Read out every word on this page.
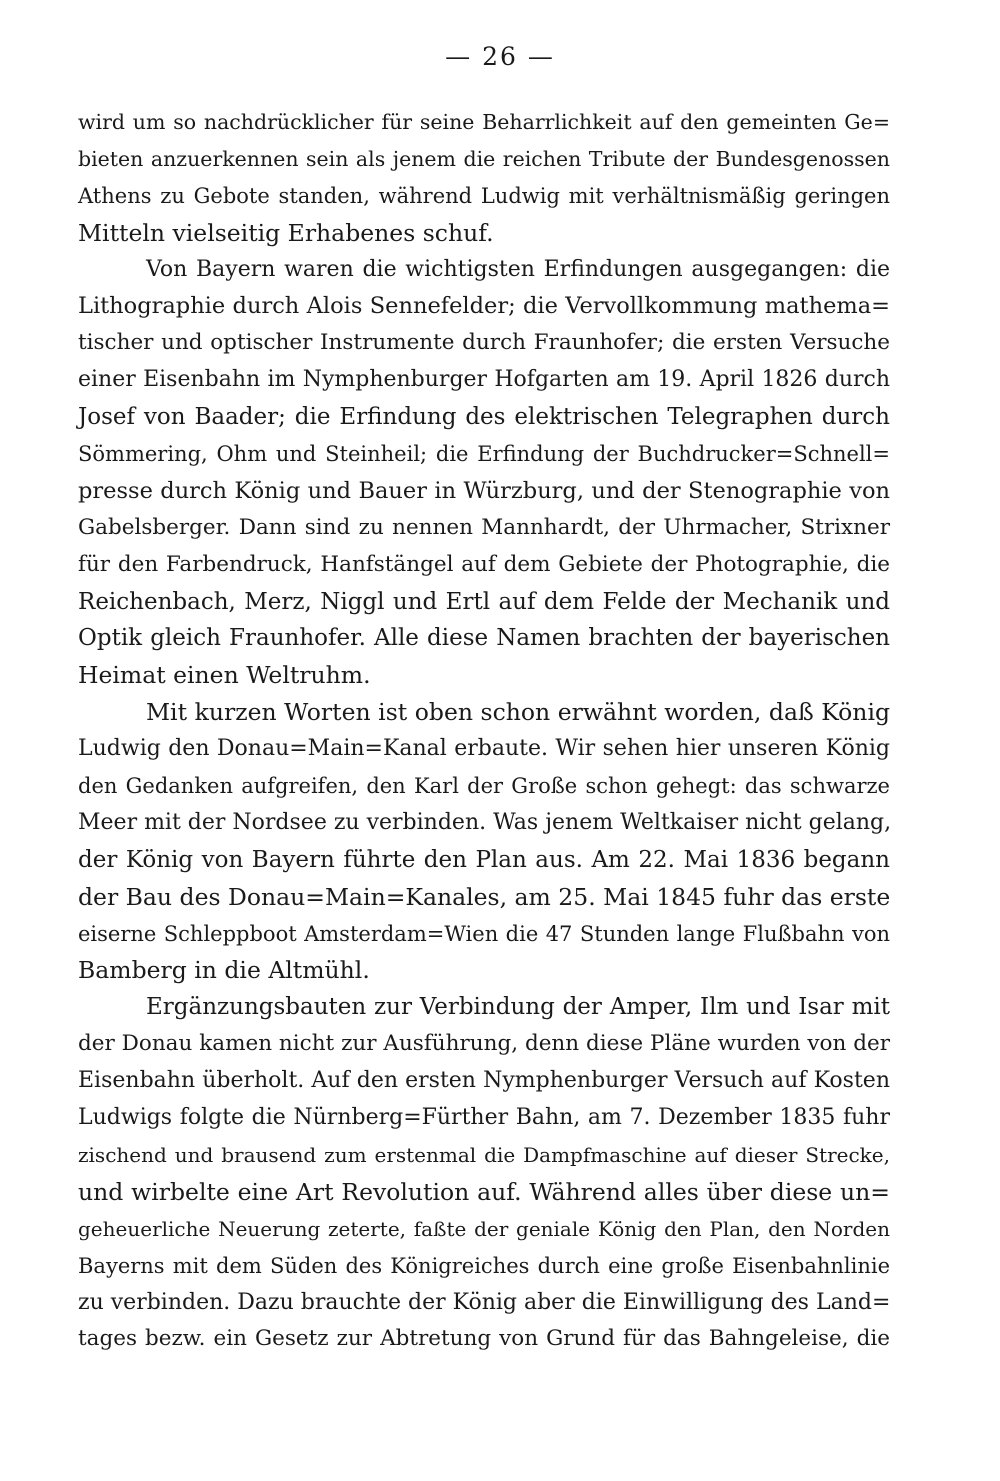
— 26 —
wird um so nachdrücklicher für seine Beharrlichkeit auf den gemeinten Ge=
bieten anzuerkennen sein als jenem die reichen Tribute der Bundesgenossen
Athens zu Gebote standen, während Ludwig mit verhältnismäßig geringen
Mitteln vielseitig Erhabenes schuf.
Von Bayern waren die wichtigsten Erfindungen ausgegangen: die
Lithographie durch Alois Sennefelder; die Vervollkommung mathema=
tischer und optischer Instrumente durch Fraunhofer; die ersten Versuche
einer Eisenbahn im Nymphenburger Hofgarten am 19. April 1826 durch
Josef von Baader; die Erfindung des elektrischen Telegraphen durch
Sömmering, Ohm und Steinheil; die Erfindung der Buchdrucker=Schnell=
presse durch König und Bauer in Würzburg, und der Stenographie von
Gabelsberger. Dann sind zu nennen Mannhardt, der Uhrmacher, Strixner
für den Farbendruck, Hanfstängel auf dem Gebiete der Photographie, die
Reichenbach, Merz, Niggl und Ertl auf dem Felde der Mechanik und
Optik gleich Fraunhofer. Alle diese Namen brachten der bayerischen
Heimat einen Weltruhm.
Mit kurzen Worten ist oben schon erwähnt worden, daß König
Ludwig den Donau=Main=Kanal erbaute. Wir sehen hier unseren König
den Gedanken aufgreifen, den Karl der Große schon gehegt: das schwarze
Meer mit der Nordsee zu verbinden. Was jenem Weltkaiser nicht gelang,
der König von Bayern führte den Plan aus. Am 22. Mai 1836 begann
der Bau des Donau=Main=Kanales, am 25. Mai 1845 fuhr das erste
eiserne Schleppboot Amsterdam=Wien die 47 Stunden lange Flußbahn von
Bamberg in die Altmühl.
Ergänzungsbauten zur Verbindung der Amper, Ilm und Isar mit
der Donau kamen nicht zur Ausführung, denn diese Pläne wurden von der
Eisenbahn überholt. Auf den ersten Nymphenburger Versuch auf Kosten
Ludwigs folgte die Nürnberg=Fürther Bahn, am 7. Dezember 1835 fuhr
zischend und brausend zum erstenmal die Dampfmaschine auf dieser Strecke,
und wirbelte eine Art Revolution auf. Während alles über diese un=
geheuerliche Neuerung zeterte, faßte der geniale König den Plan, den Norden
Bayerns mit dem Süden des Königreiches durch eine große Eisenbahnlinie
zu verbinden. Dazu brauchte der König aber die Einwilligung des Land=
tages bezw. ein Gesetz zur Abtretung von Grund für das Bahngeleise, die
